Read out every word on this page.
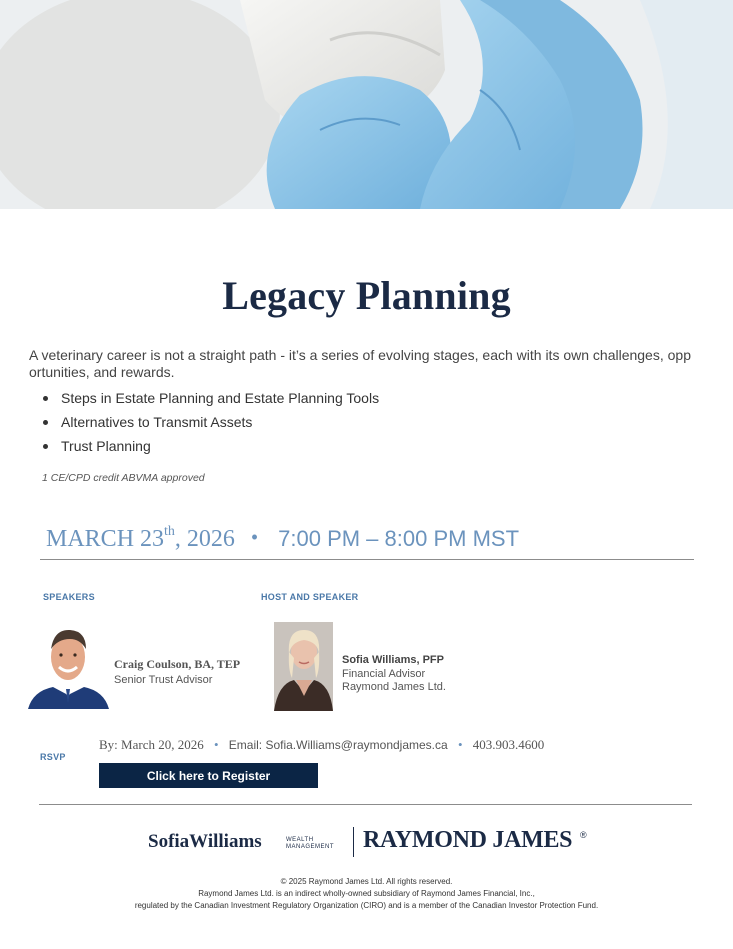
Legacy Planning

A veterinary career is not a straight path - it’s a series of evolving stages, each with its own challenges, opp
ortunities, and rewards.

Steps in Estate Planning and Estate Planning Tools
Alternatives to Transmit Assets
Trust Planning
1 CE/CPD credit ABVMA approved
MARCH 23th, 2026 • 7:00 PM – 8:00 PM MST
SPEAKERS	HOST AND SPEAKER
Craig Coulson, BA, TEP
Senior Trust Advisor
Sofia Williams, PFP
Financial Advisor
Raymond James Ltd.
RSVP
By: March 20, 2026 • Email: Sofia.Williams@raymondjames.ca • 403.903.4600
Click here to Register
SofiaWilliams	WEALTH
MANAGEMENT RAYMOND JAMES ®
© 2025 Raymond James Ltd. All rights reserved.
Raymond James Ltd. is an indirect wholly-owned subsidiary of Raymond James Financial, Inc.,
regulated by the Canadian Investment Regulatory Organization (CIRO) and is a member of the Canadian Investor Protection Fund.
